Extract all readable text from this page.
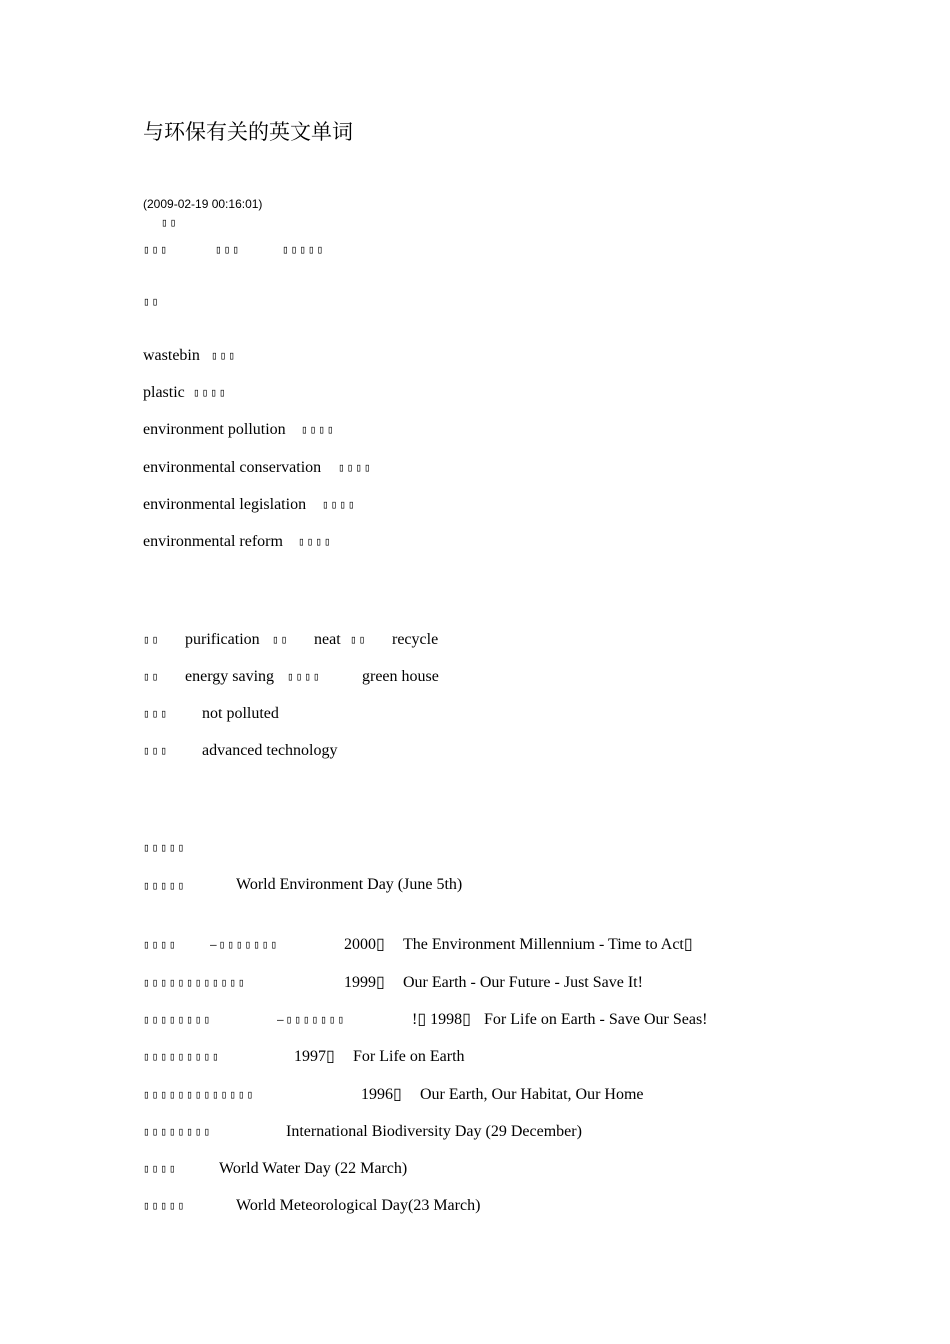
与环保有关的英文单词
(2009-02-19 00:16:01)
▯▯
▯▯▯	▯▯▯	▯▯▯▯▯
▯▯
wastebin ▯▯▯
plastic ▯▯▯▯
environment pollution ▯▯▯▯
environmental conservation ▯▯▯▯
environmental legislation ▯▯▯▯
environmental reform ▯▯▯▯
▯▯ purification ▯▯ neat ▯▯ recycle
▯▯ energy saving ▯▯▯▯	green house
▯▯▯ not polluted
▯▯▯ advanced technology
▯▯▯▯▯
▯▯▯▯▯	World Environment Day (June 5th)
▯▯▯▯	—▯▯▯▯▯▯▯	2000▯ The Environment Millennium - Time to Act▯
▯▯▯▯▯▯▯▯▯▯▯▯	1999▯ Our Earth - Our Future - Just Save It!
▯▯▯▯▯▯▯▯	—▯▯▯▯▯▯▯	!▯ 1998▯ For Life on Earth - Save Our Seas!
▯▯▯▯▯▯▯▯▯	1997▯ For Life on Earth
▯▯▯▯▯▯▯▯▯▯▯▯▯	1996▯ Our Earth, Our Habitat, Our Home
▯▯▯▯▯▯▯▯	International Biodiversity Day (29 December)
▯▯▯▯	World Water Day (22 March)
▯▯▯▯▯	World Meteorological Day(23 March)
